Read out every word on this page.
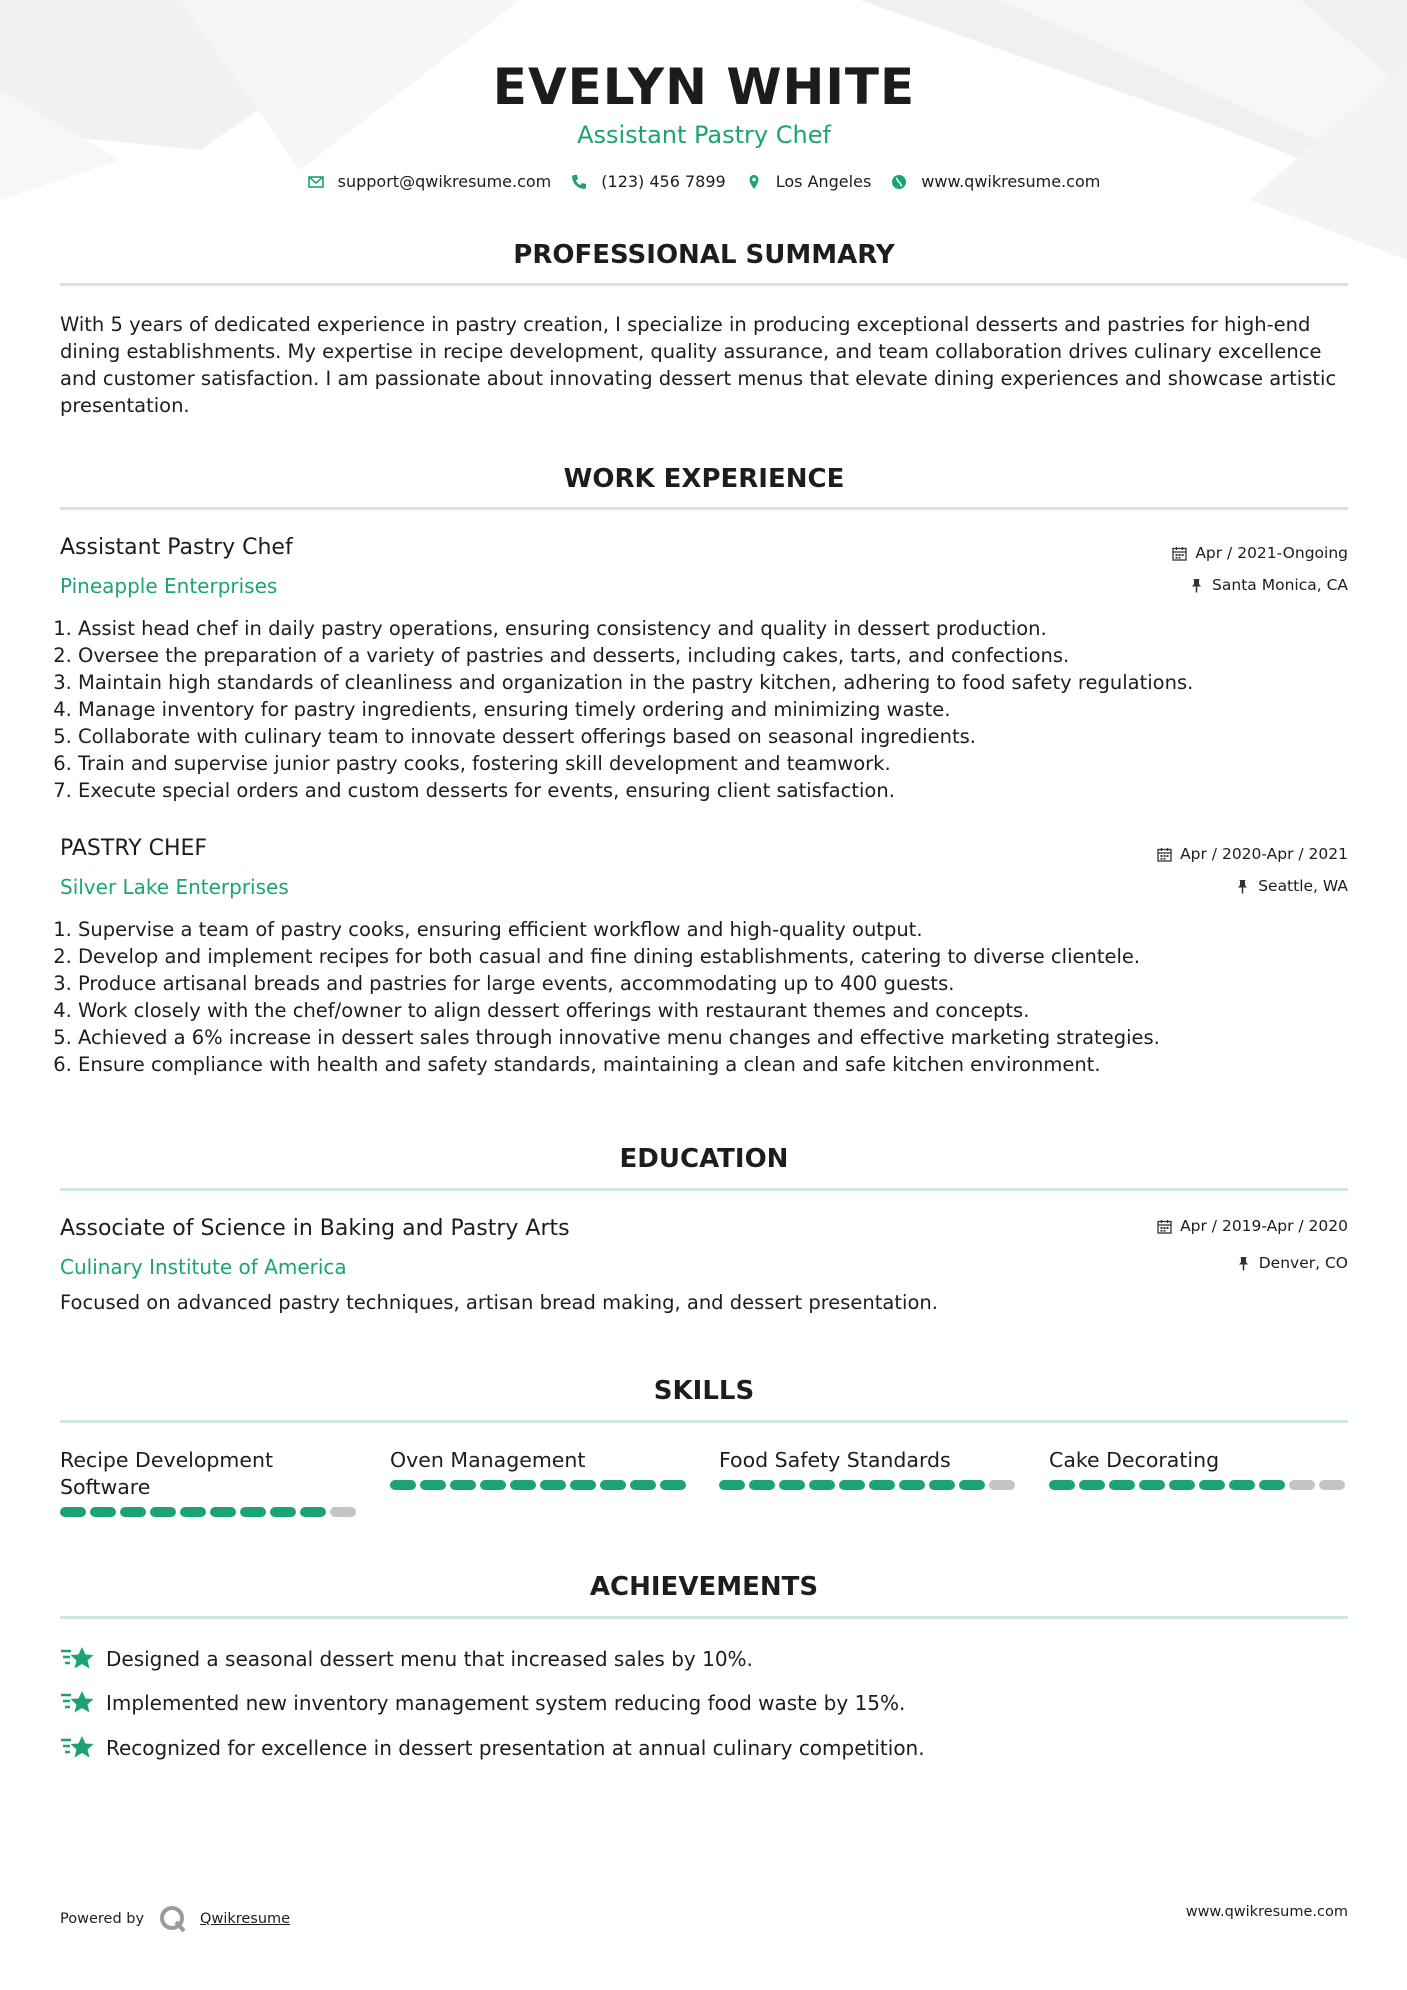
EVELYN WHITE
Assistant Pastry Chef
support@qwikresume.com	(123) 456 7899	Los Angeles	www.qwikresume.com
PROFESSIONAL SUMMARY
With 5 years of dedicated experience in pastry creation, I specialize in producing exceptional desserts and pastries for high-end dining establishments. My expertise in recipe development, quality assurance, and team collaboration drives culinary excellence and customer satisfaction. I am passionate about innovating dessert menus that elevate dining experiences and showcase artistic presentation.
WORK EXPERIENCE
Assistant Pastry Chef	Apr / 2021-Ongoing
Pineapple Enterprises	Santa Monica, CA
1. Assist head chef in daily pastry operations, ensuring consistency and quality in dessert production.
2. Oversee the preparation of a variety of pastries and desserts, including cakes, tarts, and confections.
3. Maintain high standards of cleanliness and organization in the pastry kitchen, adhering to food safety regulations.
4. Manage inventory for pastry ingredients, ensuring timely ordering and minimizing waste.
5. Collaborate with culinary team to innovate dessert offerings based on seasonal ingredients.
6. Train and supervise junior pastry cooks, fostering skill development and teamwork.
7. Execute special orders and custom desserts for events, ensuring client satisfaction.
PASTRY CHEF	Apr / 2020-Apr / 2021
Silver Lake Enterprises	Seattle, WA
1. Supervise a team of pastry cooks, ensuring efficient workflow and high-quality output.
2. Develop and implement recipes for both casual and fine dining establishments, catering to diverse clientele.
3. Produce artisanal breads and pastries for large events, accommodating up to 400 guests.
4. Work closely with the chef/owner to align dessert offerings with restaurant themes and concepts.
5. Achieved a 6% increase in dessert sales through innovative menu changes and effective marketing strategies.
6. Ensure compliance with health and safety standards, maintaining a clean and safe kitchen environment.
EDUCATION
Associate of Science in Baking and Pastry Arts	Apr / 2019-Apr / 2020
Culinary Institute of America	Denver, CO
Focused on advanced pastry techniques, artisan bread making, and dessert presentation.
SKILLS
Recipe Development Software
Oven Management	Food Safety Standards	Cake Decorating
ACHIEVEMENTS
Designed a seasonal dessert menu that increased sales by 10%.
Implemented new inventory management system reducing food waste by 15%.
Recognized for excellence in dessert presentation at annual culinary competition.
Powered by	Qwikresume	www.qwikresume.com
